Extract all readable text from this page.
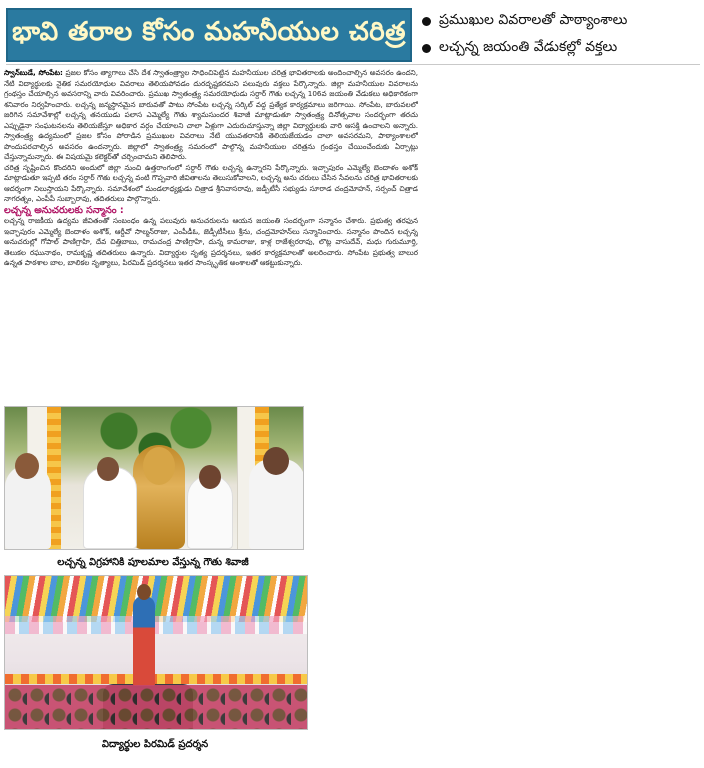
భావి తరాల కోసం మహనీయుల చరిత్ర	ప్రముఖుల వివరాలతో పాఠ్యాంశాలు
లచ్చన్న జయంతి వేడుకల్లో వక్తలు

స్వాన్‌బుడే, సోంపేట: ప్రజల కోసం త్యాగాలు చేసి దేశ స్వాతంత్ర్యాల సాధించిపెట్టిన మహనీయుల చరిత్ర భావితరాలకు అందించాల్సిన అవసరం ఉందని, నేటి విద్యార్థులకు నైతిక సమరయోధుల వివరాలు తెలియపోవడం దురదృష్టకరమని పలువురు వక్తలు పేర్కొన్నారు. జిల్లా మహనీయుల వివరాలను గ్రంథస్తం చేయాల్సిన అవసరాన్ని వారు వివరించారు. ప్రముఖ స్వాతంత్ర్య సమరయోధుడు సర్దార్ గౌతు లచ్చన్న 106వ జయంతి వేడుకలు అధికారికంగా శనివారం నిర్వహించారు. లచ్చన్న జన్మస్థానమైన బారువతో పాటు సోంపేట లచ్చన్న సర్కిల్ వద్ద ప్రత్యేక కార్యక్రమాలు జరిగాయి. సోంపేట, బారువలలో జరిగిన సమావేశాల్లో లచ్చన్న తనయుడు పలాస ఎమ్మెల్యే గౌతు శ్యామసుందర శివాజీ మాట్లాడుతూ స్వాతంత్ర్య దినోత్సవాల సందర్భంగా తరచు ఎప్పుడైనా సంఘటనలను తెలియజేస్తూ అధికార వర్గం చేయాలని చాలా ఏళ్లుగా ఎదురుచూస్తున్నా జిల్లా విద్యార్థులకు వారి ఆసక్తి ఉంచాలని అన్నారు. స్వాతంత్ర్య ఉద్యమంలో ప్రజల కోసం పోరాడిన ప్రముఖుల వివరాలు నేటి యువతరానికి తెలియజేయడం చాలా అవసరమని, పాఠ్యాంశాలలో పొందుపరచాల్సిన అవసరం ఉందన్నారు. జిల్లాలో స్వాతంత్ర్య సమరంలో పాల్గొన్న మహనీయుల చరిత్రను గ్రంథస్తం చేయించేందుకు ఏర్పాట్లు చేస్తున్నామన్నారు. ఈ విషయమై కలెక్టర్‌తో చర్చించామని తెలిపారు.

చరిత్ర సృష్టించిన కొందరిని అందులో జిల్లా నుంచి ఉత్తరాంగంలో సర్దార్ గౌతు లచ్చన్న ఉన్నారని పేర్కొన్నారు. ఇచ్ఛాపురం ఎమ్మెల్యే బెందాళం అశోక్ మాట్లాడుతూ ఇప్పటి తరం సర్దార్ గౌతు లచ్చన్న వంటి గొప్పవారి జీవితాలను తెలుసుకోవాలని, లచ్చన్న అను చరులు చేసిన సేవలను చరిత్ర భావితరాలకు ఆదర్శంగా నిలుస్తాయని పేర్కొన్నారు. సమావేశంలో మండలాధ్యక్షుడు చిత్రాడ శ్రీనివాసరావు, జడ్పీటీసీ సభ్యుడు సూరాడ చంద్రమోహన్, సర్పంచ్ చిత్రాడ నాగరత్నం, ఎంపీపీ సుబ్బారావు, తదితరులు పాల్గొన్నారు.

లచ్చన్న అనుచరులకు సన్మానం :
లచ్చన్న రాజకీయ ఉద్యమ జీవితంతో సంబంధం ఉన్న పలువురు అనుచరులను ఆయన జయంతి సందర్భంగా సన్మానం చేశారు. ప్రభుత్వ తరఫున ఇచ్ఛాపురం ఎమ్మెల్యే బెందాళం అశోక్, ఆర్డీవో సాల్మన్‌రాజు, ఎంపీడీఓ, జెడ్పీటీసీలు శ్రీను, చంద్రమోహన్‌లు సన్మానించారు. సన్మానం పొందిన లచ్చన్న అనుచరుల్లో గోపాల్ పాణిగ్రాహి, దేవ చిత్తిబాబు, రామచంద్ర పాణిగ్రాహి, దున్న కామరాజు, కాళ్ల రాజేశ్వరరావు, లొట్ల వాసుదేవ్, మధు గురుమూర్తి, తెలుకల రఘునాథం, రామకృష్ణ తదితరులు ఉన్నారు. విద్యార్థుల నృత్య ప్రదర్శనలు, ఇతర కార్యక్రమాలతో అలరించారు. సోంపేట ప్రభుత్వ బాలుర ఉన్నత పాఠశాల బాల, బాలికల నృత్యాలు, పిరమిడ్ ప్రదర్శనలు ఇతర సాంస్కృతిక అంశాలతో ఆకట్టుకున్నారు.

లచ్చన్న విగ్రహానికి పూలమాల వేస్తున్న గౌతు శివాజీ
విద్యార్థుల పిరమిడ్ ప్రదర్శన
